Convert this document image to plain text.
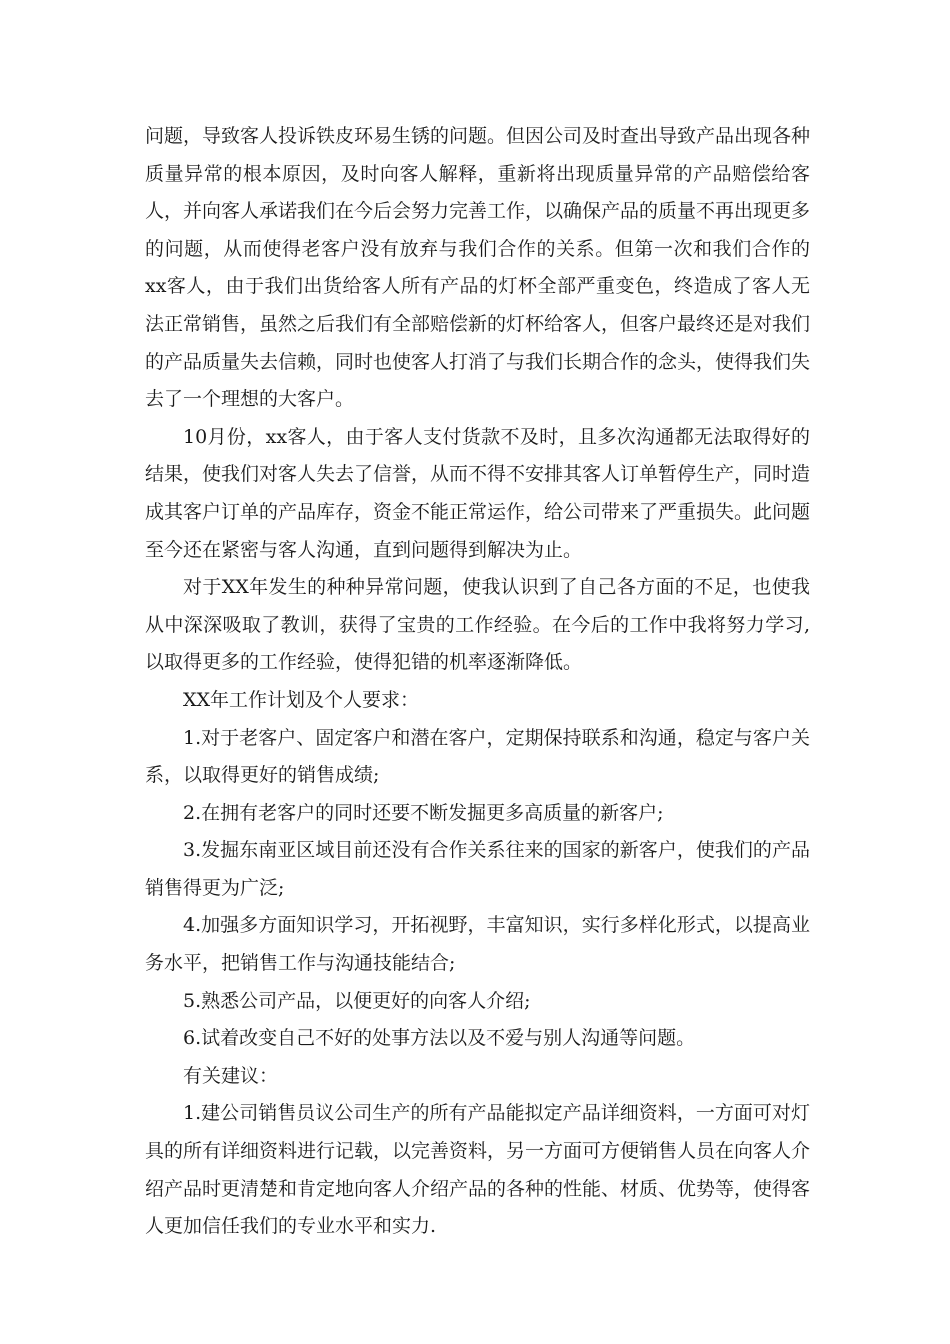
问题，导致客人投诉铁皮环易生锈的问题。但因公司及时查出导致产品出现各种质量异常的根本原因，及时向客人解释，重新将出现质量异常的产品赔偿给客人，并向客人承诺我们在今后会努力完善工作，以确保产品的质量不再出现更多的问题，从而使得老客户没有放弃与我们合作的关系。但第一次和我们合作的xx客人，由于我们出货给客人所有产品的灯杯全部严重变色，终造成了客人无法正常销售，虽然之后我们有全部赔偿新的灯杯给客人，但客户最终还是对我们的产品质量失去信赖，同时也使客人打消了与我们长期合作的念头，使得我们失去了一个理想的大客户。

10月份，xx客人，由于客人支付货款不及时，且多次沟通都无法取得好的结果，使我们对客人失去了信誉，从而不得不安排其客人订单暂停生产，同时造成其客户订单的产品库存，资金不能正常运作，给公司带来了严重损失。此问题至今还在紧密与客人沟通，直到问题得到解决为止。

对于XX年发生的种种异常问题，使我认识到了自己各方面的不足，也使我从中深深吸取了教训，获得了宝贵的工作经验。在今后的工作中我将努力学习,以取得更多的工作经验，使得犯错的机率逐渐降低。

XX年工作计划及个人要求：

1.对于老客户、固定客户和潜在客户，定期保持联系和沟通，稳定与客户关系，以取得更好的销售成绩;

2.在拥有老客户的同时还要不断发掘更多高质量的新客户;

3.发掘东南亚区域目前还没有合作关系往来的国家的新客户，使我们的产品销售得更为广泛;

4.加强多方面知识学习，开拓视野，丰富知识，实行多样化形式，以提高业务水平，把销售工作与沟通技能结合;

5.熟悉公司产品，以便更好的向客人介绍;

6.试着改变自己不好的处事方法以及不爱与别人沟通等问题。

有关建议：

1.建公司销售员议公司生产的所有产品能拟定产品详细资料，一方面可对灯具的所有详细资料进行记载，以完善资料，另一方面可方便销售人员在向客人介绍产品时更清楚和肯定地向客人介绍产品的各种的性能、材质、优势等，使得客人更加信任我们的专业水平和实力.
